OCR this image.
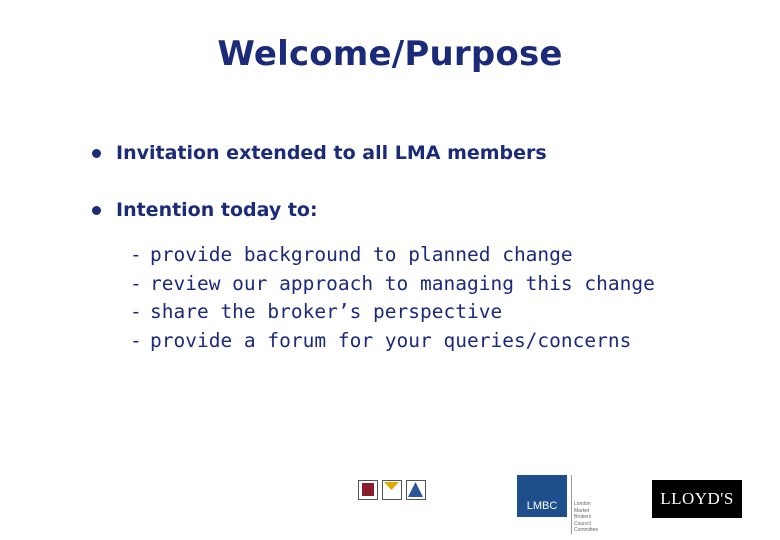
Welcome/Purpose
Invitation extended to all LMA members
Intention today to:
- provide background to planned change
- review our approach to managing this change
- share the broker’s perspective
- provide a forum for your queries/concerns
LMBC	London
Market
Brokers
Council
Committee
LLOYD'S
